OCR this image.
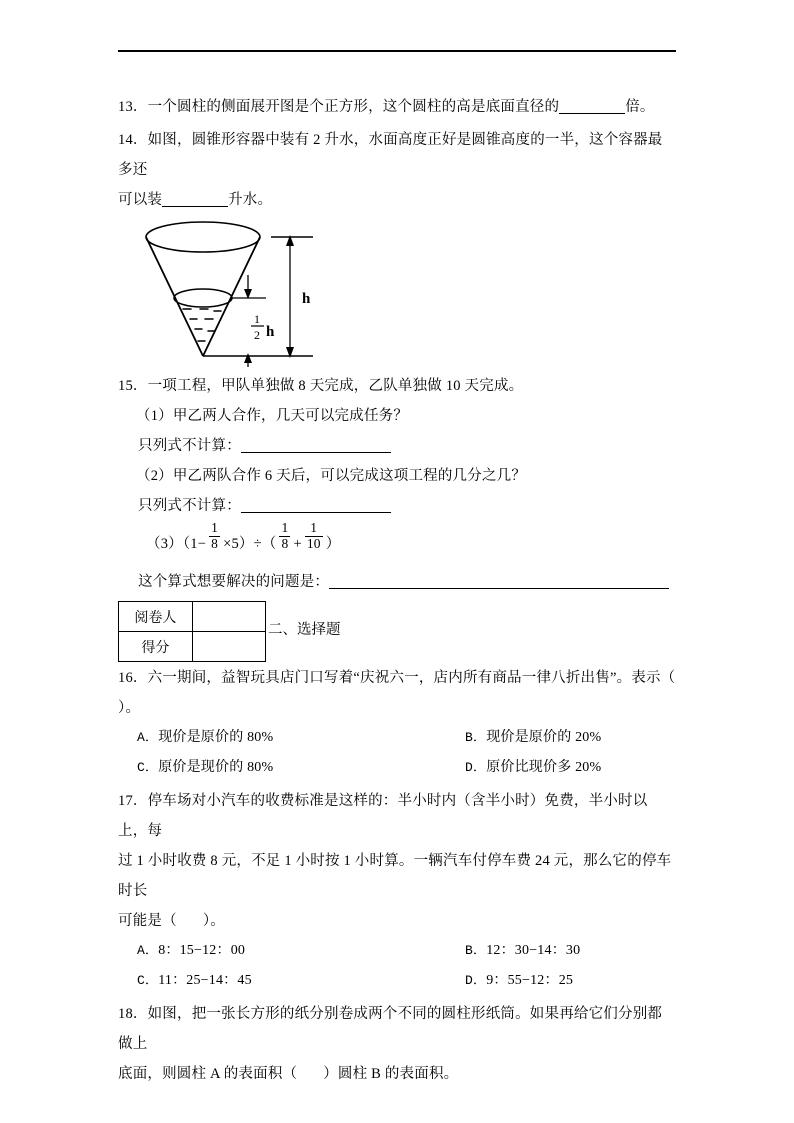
13．一个圆柱的侧面展开图是个正方形，这个圆柱的高是底面直径的	倍。
14．如图，圆锥形容器中装有 2 升水，水面高度正好是圆锥高度的一半，这个容器最多还
可以装	升水。
h
1
2 h
15．一项工程，甲队单独做 8 天完成，乙队单独做 10 天完成。
（1）甲乙两人合作，几天可以完成任务？
只列式不计算：
（2）甲乙两队合作 6 天后，可以完成这项工程的几分之几？
只列式不计算：
$(3)(1- \frac{1}{8} \times 5)\div( \frac{1}{8} + \frac{1}{10}$ ）
这个算式想要解决的问题是：
阅卷人	
得分	
二、选择题
16．六一期间，益智玩具店门口写着“庆祝六一，店内所有商品一律八折出售”。表示（
）。
A．现价是原价的 80%	B．现价是原价的 20%
C．原价是现价的 80%	D．原价比现价多 20%
17．停车场对小汽车的收费标准是这样的：半小时内（含半小时）免费，半小时以上，每
过 1 小时收费 8 元，不足 1 小时按 1 小时算。一辆汽车付停车费 24 元，那么它的停车时长
可能是（ ）。
A．8：15−12：00	B．12：30−14：30
C．11：25−14：45	D．9：55−12：25
18．如图，把一张长方形的纸分别卷成两个不同的圆柱形纸筒。如果再给它们分别都做上
底面，则圆柱 A 的表面积（ ）圆柱 B 的表面积。
